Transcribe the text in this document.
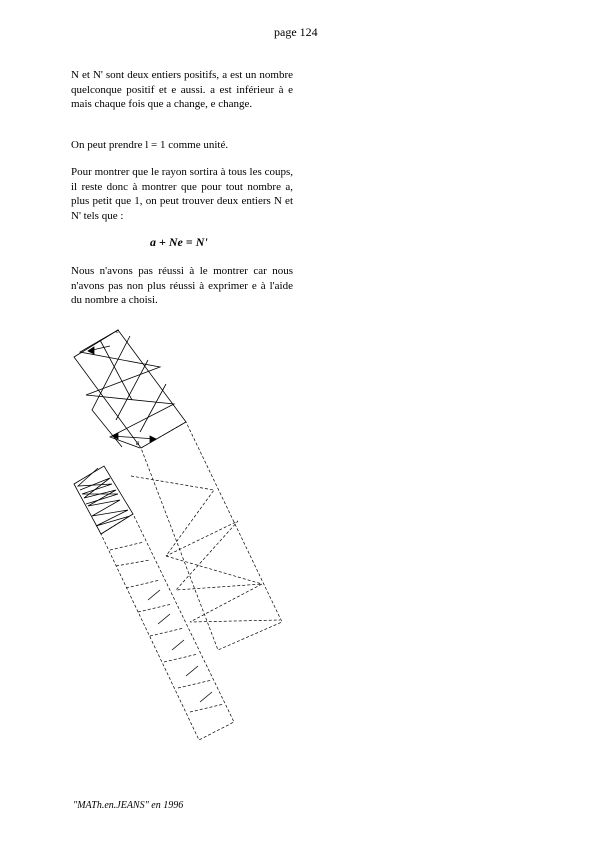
page 124
N et N' sont deux entiers positifs, a est un nombre quelconque positif et e aussi. a est inférieur à e mais chaque fois que a change, e change.
On peut prendre l = 1 comme unité.
Pour montrer que le rayon sortira à tous les coups, il reste donc à montrer que pour tout nombre a, plus petit que 1, on peut trouver deux entiers N et N' tels que :
a + Ne = N'
Nous n'avons pas réussi à le montrer car nous n'avons pas non plus réussi à exprimer e à l'aide du nombre a choisi.
e
a
"MATh.en.JEANS" en 1996
